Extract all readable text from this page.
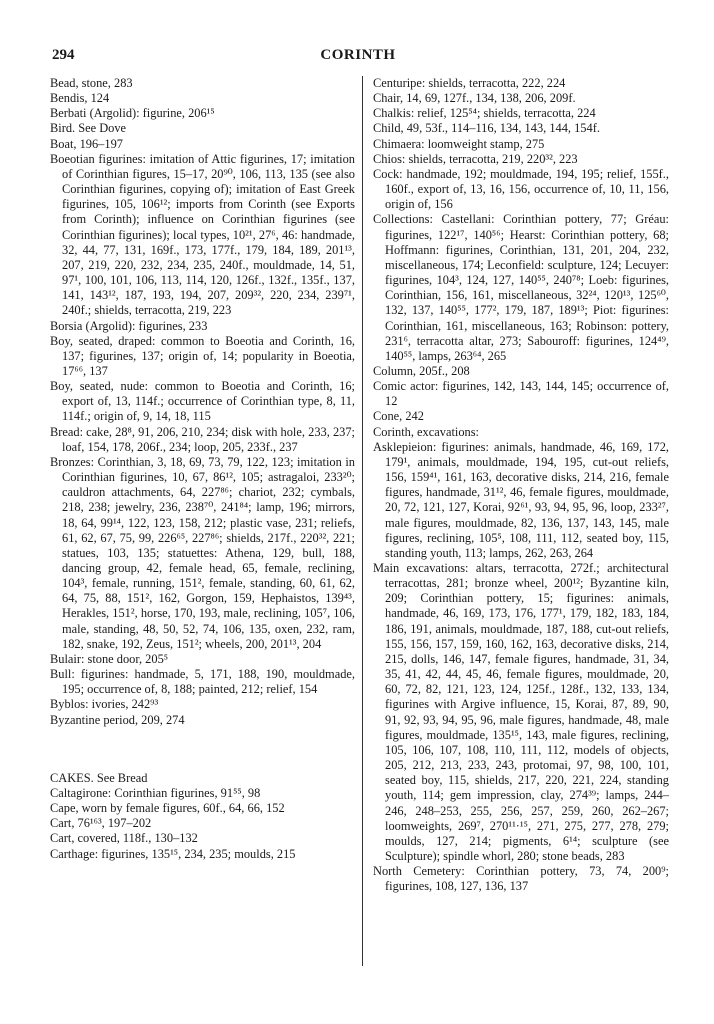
294	CORINTH
Bead, stone, 283
Bendis, 124
Berbati (Argolid): figurine, 206¹⁵
Bird. See Dove
Boat, 196–197
Boeotian figurines: imitation of Attic figurines, 17; imitation of Corinthian figures, 15–17, 20⁹⁰, 106, 113, 135 (see also Corinthian figurines, copying of); imitation of East Greek figurines, 105, 106¹²; imports from Corinth (see Exports from Corinth); influence on Corinthian figurines (see Corinthian figurines); local types, 10²¹, 27⁶, 46: handmade, 32, 44, 77, 131, 169f., 173, 177f., 179, 184, 189, 201¹³, 207, 219, 220, 232, 234, 235, 240f., mouldmade, 14, 51, 97¹, 100, 101, 106, 113, 114, 120, 126f., 132f., 135f., 137, 141, 143¹², 187, 193, 194, 207, 209³², 220, 234, 239⁷¹, 240f.; shields, terracotta, 219, 223
Borsia (Argolid): figurines, 233
Boy, seated, draped: common to Boeotia and Corinth, 16, 137; figurines, 137; origin of, 14; popularity in Boeotia, 17⁶⁶, 137
Boy, seated, nude: common to Boeotia and Corinth, 16; export of, 13, 114f.; occurrence of Corinthian type, 8, 11, 114f.; origin of, 9, 14, 18, 115
Bread: cake, 28⁸, 91, 206, 210, 234; disk with hole, 233, 237; loaf, 154, 178, 206f., 234; loop, 205, 233f., 237
Bronzes: Corinthian, 3, 18, 69, 73, 79, 122, 123; imitation in Corinthian figurines, 10, 67, 86¹², 105; astragaloi, 233²⁰; cauldron attachments, 64, 227⁸⁶; chariot, 232; cymbals, 218, 238; jewelry, 236, 238⁷⁰, 241⁸⁴; lamp, 196; mirrors, 18, 64, 99¹⁴, 122, 123, 158, 212; plastic vase, 231; reliefs, 61, 62, 67, 75, 99, 226⁶⁵, 227⁸⁶; shields, 217f., 220³², 221; statues, 103, 135; statuettes: Athena, 129, bull, 188, dancing group, 42, female head, 65, female, reclining, 104³, female, running, 151², female, standing, 60, 61, 62, 64, 75, 88, 151², 162, Gorgon, 159, Hephaistos, 139⁴³, Herakles, 151², horse, 170, 193, male, reclining, 105⁷, 106, male, standing, 48, 50, 52, 74, 106, 135, oxen, 232, ram, 182, snake, 192, Zeus, 151²; wheels, 200, 201¹³, 204
Bulair: stone door, 205⁵
Bull: figurines: handmade, 5, 171, 188, 190, mouldmade, 195; occurrence of, 8, 188; painted, 212; relief, 154
Byblos: ivories, 242⁹³
Byzantine period, 209, 274
CAKES. See Bread
Caltagirone: Corinthian figurines, 91⁵⁵, 98
Cape, worn by female figures, 60f., 64, 66, 152
Cart, 76¹⁶³, 197–202
Cart, covered, 118f., 130–132
Carthage: figurines, 135¹⁵, 234, 235; moulds, 215
Centuripe: shields, terracotta, 222, 224
Chair, 14, 69, 127f., 134, 138, 206, 209f.
Chalkis: relief, 125⁵⁴; shields, terracotta, 224
Child, 49, 53f., 114–116, 134, 143, 144, 154f.
Chimaera: loomweight stamp, 275
Chios: shields, terracotta, 219, 220³², 223
Cock: handmade, 192; mouldmade, 194, 195; relief, 155f., 160f., export of, 13, 16, 156, occurrence of, 10, 11, 156, origin of, 156
Collections: Castellani: Corinthian pottery, 77; Gréau: figurines, 122¹⁷, 140⁵⁶; Hearst: Corinthian pottery, 68; Hoffmann: figurines, Corinthian, 131, 201, 204, 232, miscellaneous, 174; Leconfield: sculpture, 124; Lecuyer: figurines, 104³, 124, 127, 140⁵⁵, 240⁷⁸; Loeb: figurines, Corinthian, 156, 161, miscellaneous, 32²⁴, 120¹³, 125⁶⁰, 132, 137, 140⁵⁵, 177², 179, 187, 189¹³; Piot: figurines: Corinthian, 161, miscellaneous, 163; Robinson: pottery, 231⁶, terracotta altar, 273; Sabouroff: figurines, 124⁴⁹, 140⁵⁵, lamps, 263⁶⁴, 265
Column, 205f., 208
Comic actor: figurines, 142, 143, 144, 145; occurrence of, 12
Cone, 242
Corinth, excavations:
Asklepieion: figurines: animals, handmade, 46, 169, 172, 179¹, animals, mouldmade, 194, 195, cut-out reliefs, 156, 159⁴¹, 161, 163, decorative disks, 214, 216, female figures, handmade, 31¹², 46, female figures, mouldmade, 20, 72, 121, 127, Korai, 92⁶¹, 93, 94, 95, 96, loop, 233²⁷, male figures, mouldmade, 82, 136, 137, 143, 145, male figures, reclining, 105⁵, 108, 111, 112, seated boy, 115, standing youth, 113; lamps, 262, 263, 264
Main excavations: altars, terracotta, 272f.; architectural terracottas, 281; bronze wheel, 200¹²; Byzantine kiln, 209; Corinthian pottery, 15; figurines: animals, handmade, 46, 169, 173, 176, 177¹, 179, 182, 183, 184, 186, 191, animals, mouldmade, 187, 188, cut-out reliefs, 155, 156, 157, 159, 160, 162, 163, decorative disks, 214, 215, dolls, 146, 147, female figures, handmade, 31, 34, 35, 41, 42, 44, 45, 46, female figures, mouldmade, 20, 60, 72, 82, 121, 123, 124, 125f., 128f., 132, 133, 134, figurines with Argive influence, 15, Korai, 87, 89, 90, 91, 92, 93, 94, 95, 96, male figures, handmade, 48, male figures, mouldmade, 135¹⁵, 143, male figures, reclining, 105, 106, 107, 108, 110, 111, 112, models of objects, 205, 212, 213, 233, 243, protomai, 97, 98, 100, 101, seated boy, 115, shields, 217, 220, 221, 224, standing youth, 114; gem impression, clay, 274³⁹; lamps, 244–246, 248–253, 255, 256, 257, 259, 260, 262–267; loomweights, 269⁷, 270¹¹·¹⁵, 271, 275, 277, 278, 279; moulds, 127, 214; pigments, 6¹⁴; sculpture (see Sculpture); spindle whorl, 280; stone beads, 283
North Cemetery: Corinthian pottery, 73, 74, 200⁹; figurines, 108, 127, 136, 137
